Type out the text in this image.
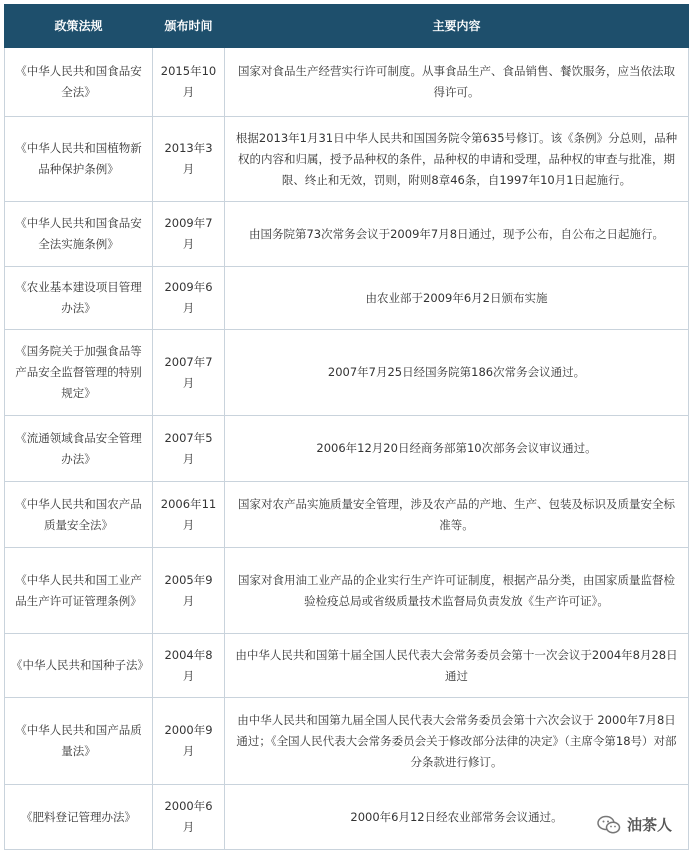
政策法规	颁布时间	主要内容
《中华人民共和国食品安全法》	2015年10月	国家对食品生产经营实行许可制度。从事食品生产、食品销售、餐饮服务，应当依法取得许可。
《中华人民共和国植物新品种保护条例》	2013年3月	根据2013年1月31日中华人民共和国国务院令第635号修订。该《条例》分总则，品种权的内容和归属，授予品种权的条件，品种权的申请和受理，品种权的审查与批准，期限、终止和无效，罚则，附则8章46条，自1997年10月1日起施行。
《中华人民共和国食品安全法实施条例》	2009年7月	由国务院第73次常务会议于2009年7月8日通过，现予公布，自公布之日起施行。
《农业基本建设项目管理办法》	2009年6月	由农业部于2009年6月2日颁布实施
《国务院关于加强食品等 产品安全监督管理的特别 规定》	2007年7月	2007年7月25日经国务院第186次常务会议通过。
《流通领域食品安全管理办法》	2007年5月	2006年12月20日经商务部第10次部务会议审议通过。
《中华人民共和国农产品 质量安全法》	2006年11月	国家对农产品实施质量安全管理，涉及农产品的产地、生产、包装及标识及质量安全标准等。
《中华人民共和国工业产品生产许可证管理条例》	2005年9月	国家对食用油工业产品的企业实行生产许可证制度，根据产品分类，由国家质量监督检验检疫总局或省级质量技术监督局负责发放《生产许可证》。
《中华人民共和国种子法》	2004年8月	由中华人民共和国第十届全国人民代表大会常务委员会第十一次会议于2004年8月28日通过
《中华人民共和国产品质量法》	2000年9月	由中华人民共和国第九届全国人民代表大会常务委员会第十六次会议于 2000年7月8日通过；《全国人民代表大会常务委员会关于修改部分法律的决定》（主席令第18号）对部分条款进行修订。
《肥料登记管理办法》	2000年6月	2000年6月12日经农业部常务会议通过。	油茶人
